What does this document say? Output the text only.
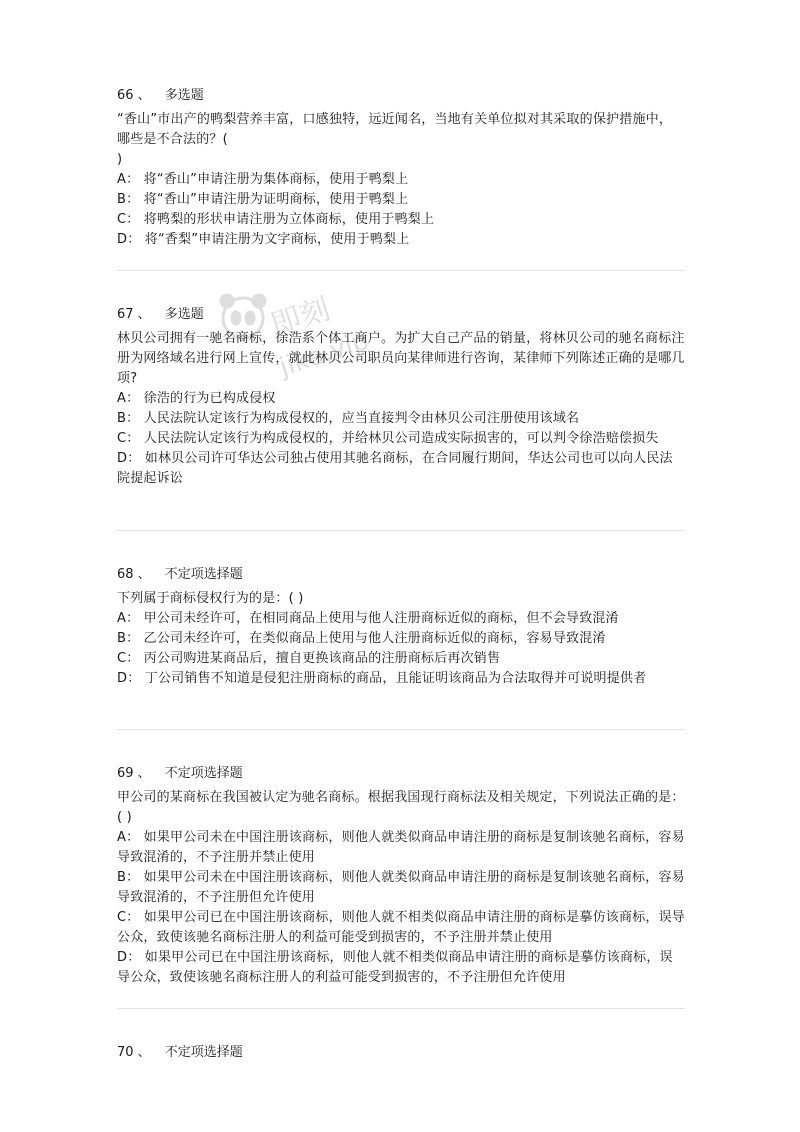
即刻
jike.vip
66 、 多选题
“香山”市出产的鸭梨营养丰富，口感独特，远近闻名，当地有关单位拟对其采取的保护措施中，哪些是不合法的？(
)
A： 将“香山”申请注册为集体商标，使用于鸭梨上
B： 将“香山”申请注册为证明商标，使用于鸭梨上
C： 将鸭梨的形状申请注册为立体商标，使用于鸭梨上
D： 将“香梨”申请注册为文字商标，使用于鸭梨上
67 、 多选题
林贝公司拥有一驰名商标，徐浩系个体工商户。为扩大自己产品的销量，将林贝公司的驰名商标注册为网络域名进行网上宣传，就此林贝公司职员向某律师进行咨询，某律师下列陈述正确的是哪几项?
A： 徐浩的行为已构成侵权
B： 人民法院认定该行为构成侵权的，应当直接判令由林贝公司注册使用该域名
C： 人民法院认定该行为构成侵权的，并给林贝公司造成实际损害的，可以判令徐浩赔偿损失
D： 如林贝公司许可华达公司独占使用其驰名商标，在合同履行期间，华达公司也可以向人民法院提起诉讼
68 、 不定项选择题
下列属于商标侵权行为的是：( )
A： 甲公司未经许可，在相同商品上使用与他人注册商标近似的商标，但不会导致混淆
B： 乙公司未经许可，在类似商品上使用与他人注册商标近似的商标，容易导致混淆
C： 丙公司购进某商品后，擅自更换该商品的注册商标后再次销售
D： 丁公司销售不知道是侵犯注册商标的商品，且能证明该商品为合法取得并可说明提供者
69 、 不定项选择题
甲公司的某商标在我国被认定为驰名商标。根据我国现行商标法及相关规定，下列说法正确的是：( )
A： 如果甲公司未在中国注册该商标，则他人就类似商品申请注册的商标是复制该驰名商标，容易导致混淆的，不予注册并禁止使用
B： 如果甲公司未在中国注册该商标，则他人就类似商品申请注册的商标是复制该驰名商标，容易导致混淆的，不予注册但允许使用
C： 如果甲公司已在中国注册该商标，则他人就不相类似商品申请注册的商标是摹仿该商标，误导公众，致使该驰名商标注册人的利益可能受到损害的，不予注册并禁止使用
D： 如果甲公司已在中国注册该商标，则他人就不相类似商品申请注册的商标是摹仿该商标，误导公众，致使该驰名商标注册人的利益可能受到损害的，不予注册但允许使用
70 、 不定项选择题
